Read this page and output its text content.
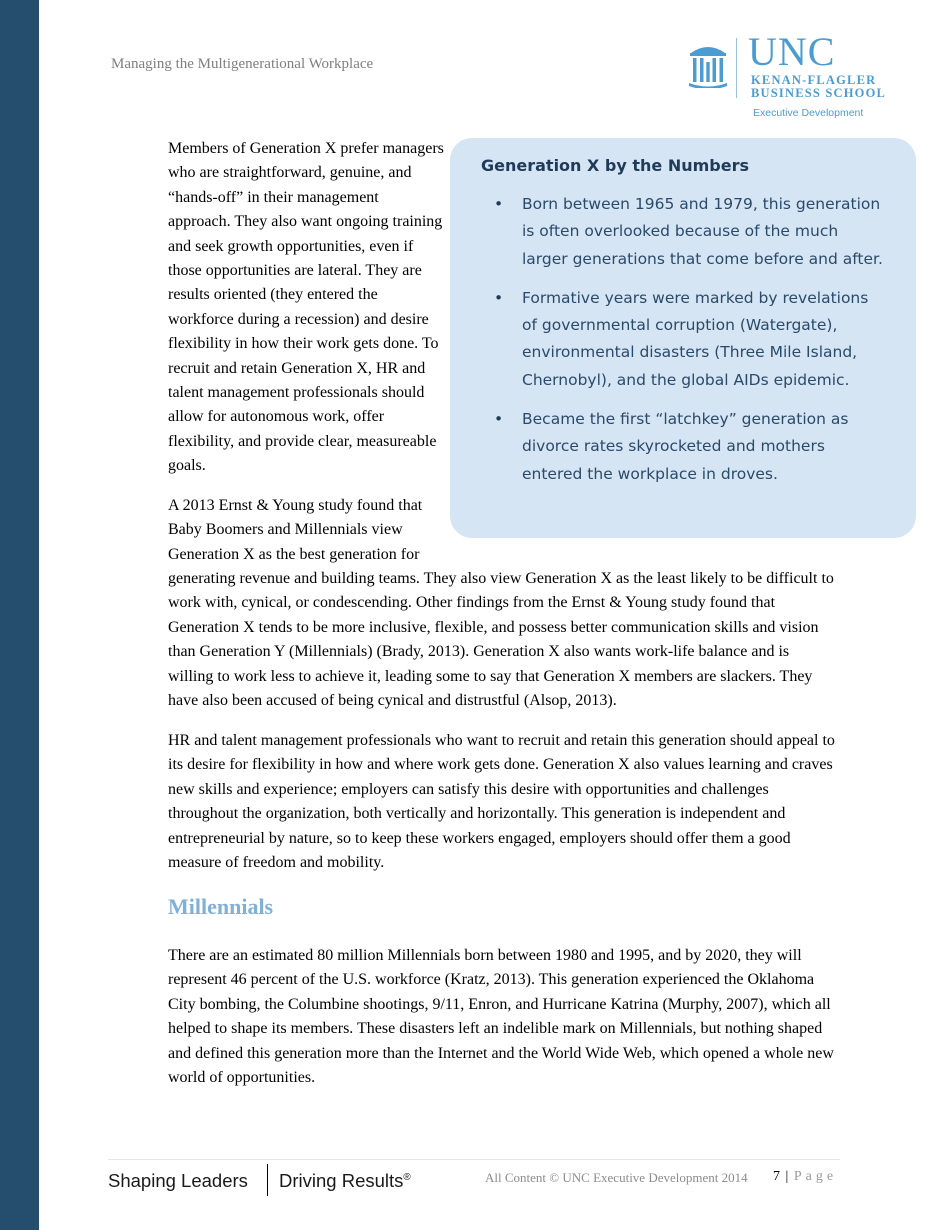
Managing the Multigenerational Workplace	UNC
KENAN-FLAGLER
BUSINESS SCHOOL
Executive Development
Generation X by the Numbers
• Born between 1965 and 1979, this generation is often overlooked because of the much larger generations that come before and after.
• Formative years were marked by revelations of governmental corruption (Watergate), environmental disasters (Three Mile Island, Chernobyl), and the global AIDs epidemic.
• Became the first “latchkey” generation as divorce rates skyrocketed and mothers entered the workplace in droves.

Members of Generation X prefer managers who are straightforward, genuine, and “hands-off” in their management approach. They also want ongoing training and seek growth opportunities, even if those opportunities are lateral. They are results oriented (they entered the workforce during a recession) and desire flexibility in how their work gets done. To recruit and retain Generation X, HR and talent management professionals should allow for autonomous work, offer flexibility, and provide clear, measureable goals.

A 2013 Ernst & Young study found that Baby Boomers and Millennials view Generation X as the best generation for

generating revenue and building teams. They also view Generation X as the least likely to be difficult to work with, cynical, or condescending. Other findings from the Ernst & Young study found that Generation X tends to be more inclusive, flexible, and possess better communication skills and vision than Generation Y (Millennials) (Brady, 2013). Generation X also wants work-life balance and is willing to work less to achieve it, leading some to say that Generation X members are slackers. They have also been accused of being cynical and distrustful (Alsop, 2013).

HR and talent management professionals who want to recruit and retain this generation should appeal to its desire for flexibility in how and where work gets done. Generation X also values learning and craves new skills and experience; employers can satisfy this desire with opportunities and challenges throughout the organization, both vertically and horizontally. This generation is independent and entrepreneurial by nature, so to keep these workers engaged, employers should offer them a good measure of freedom and mobility.

Millennials

There are an estimated 80 million Millennials born between 1980 and 1995, and by 2020, they will represent 46 percent of the U.S. workforce (Kratz, 2013). This generation experienced the Oklahoma City bombing, the Columbine shootings, 9/11, Enron, and Hurricane Katrina (Murphy, 2007), which all helped to shape its members. These disasters left an indelible mark on Millennials, but nothing shaped and defined this generation more than the Internet and the World Wide Web, which opened a whole new world of opportunities.

Shaping Leaders Driving Results®	All Content © UNC Executive Development 2014 7 | Page
